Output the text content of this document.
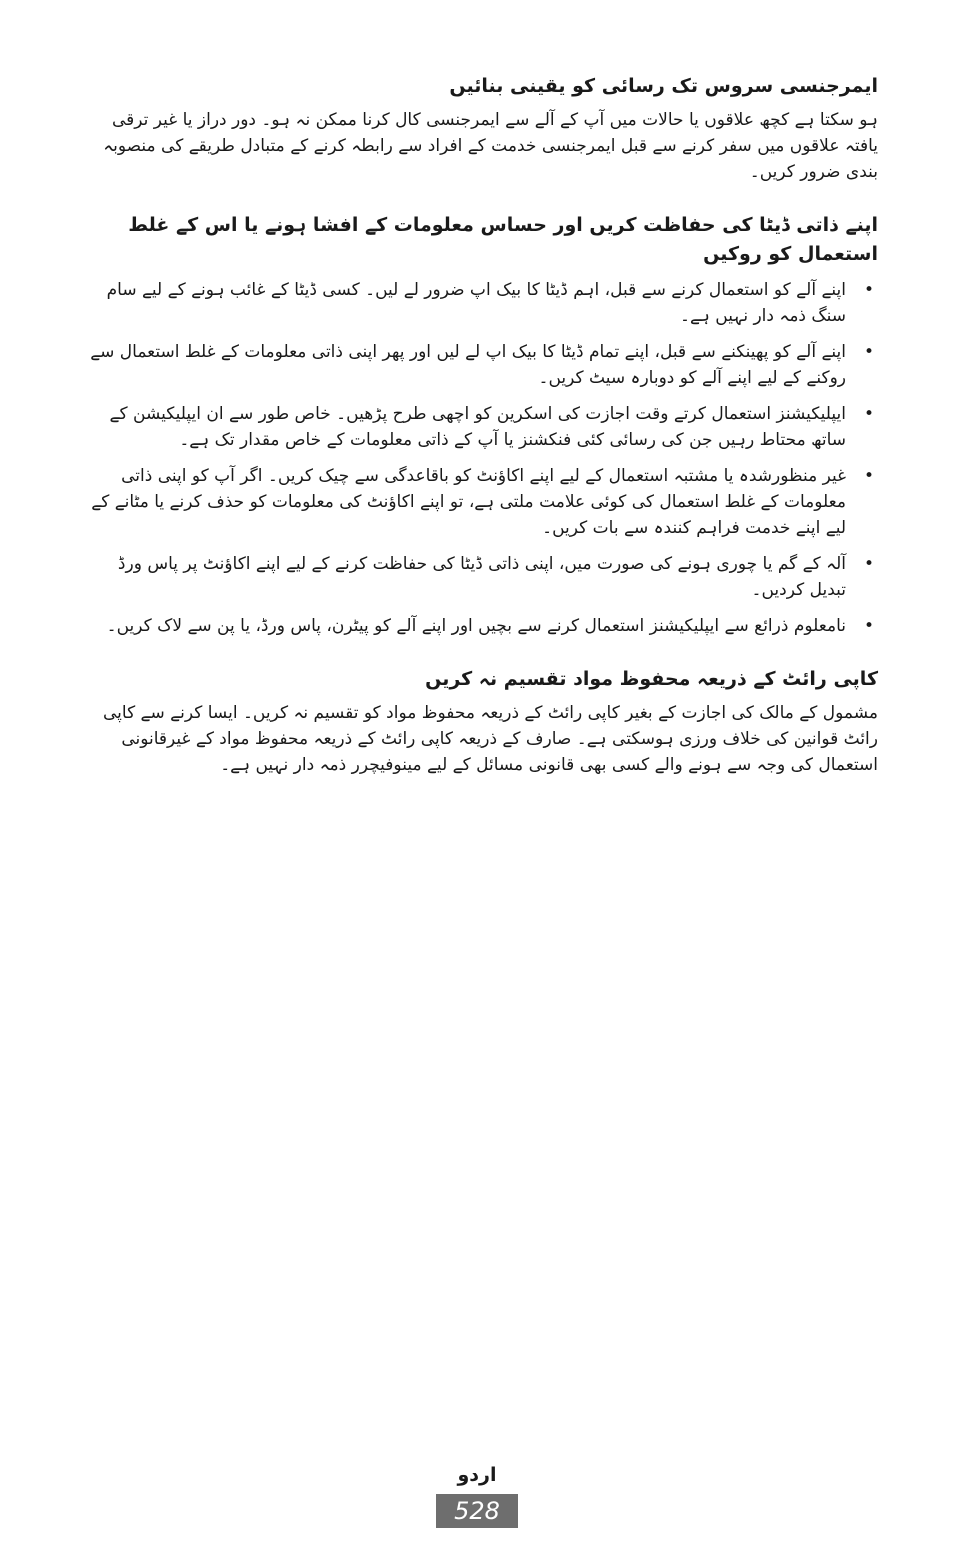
ایمرجنسی سروس تک رسائی کو یقینی بنائیں

ہو سکتا ہے کچھ علاقوں یا حالات میں آپ کے آلے سے ایمرجنسی کال کرنا ممکن نہ ہو۔ دور دراز یا غیر ترقی یافتہ علاقوں میں سفر کرنے سے قبل ایمرجنسی خدمت کے افراد سے رابطہ کرنے کے متبادل طریقے کی منصوبہ بندی ضرور کریں۔

اپنے ذاتی ڈیٹا کی حفاظت کریں اور حساس معلومات کے افشا ہونے یا اس کے غلط استعمال کو روکیں
•
اپنے آلے کو استعمال کرنے سے قبل، اہم ڈیٹا کا بیک اپ ضرور لے لیں۔ کسی ڈیٹا کے غائب ہونے کے لیے سام سنگ ذمہ دار نہیں ہے۔
•
اپنے آلے کو پھینکنے سے قبل، اپنے تمام ڈیٹا کا بیک اپ لے لیں اور پھر اپنی ذاتی معلومات کے غلط استعمال سے روکنے کے لیے اپنے آلے کو دوبارہ سیٹ کریں۔
•
ایپلیکیشنز استعمال کرتے وقت اجازت کی اسکرین کو اچھی طرح پڑھیں۔ خاص طور سے ان ایپلیکیشن کے ساتھ محتاط رہیں جن کی رسائی کئی فنکشنز یا آپ کے ذاتی معلومات کے خاص مقدار تک ہے۔
•
غیر منظورشدہ یا مشتبہ استعمال کے لیے اپنے اکاؤنٹ کو باقاعدگی سے چیک کریں۔ اگر آپ کو اپنی ذاتی معلومات کے غلط استعمال کی کوئی علامت ملتی ہے، تو اپنے اکاؤنٹ کی معلومات کو حذف کرنے یا مٹانے کے لیے اپنے خدمت فراہم کنندہ سے بات کریں۔
•
آلہ کے گم یا چوری ہونے کی صورت میں، اپنی ذاتی ڈیٹا کی حفاظت کرنے کے لیے اپنے اکاؤنٹ پر پاس ورڈ تبدیل کردیں۔
•
نامعلوم ذرائع سے ایپلیکیشنز استعمال کرنے سے بچیں اور اپنے آلے کو پیٹرن، پاس ورڈ، یا پن سے لاک کریں۔
کاپی رائٹ کے ذریعہ محفوظ مواد تقسیم نہ کریں

مشمول کے مالک کی اجازت کے بغیر کاپی رائٹ کے ذریعہ محفوظ مواد کو تقسیم نہ کریں۔ ایسا کرنے سے کاپی رائٹ قوانین کی خلاف ورزی ہوسکتی ہے۔ صارف کے ذریعہ کاپی رائٹ کے ذریعہ محفوظ مواد کے غیرقانونی استعمال کی وجہ سے ہونے والے کسی بھی قانونی مسائل کے لیے مینوفیچرر ذمہ دار نہیں ہے۔

اردو
528
